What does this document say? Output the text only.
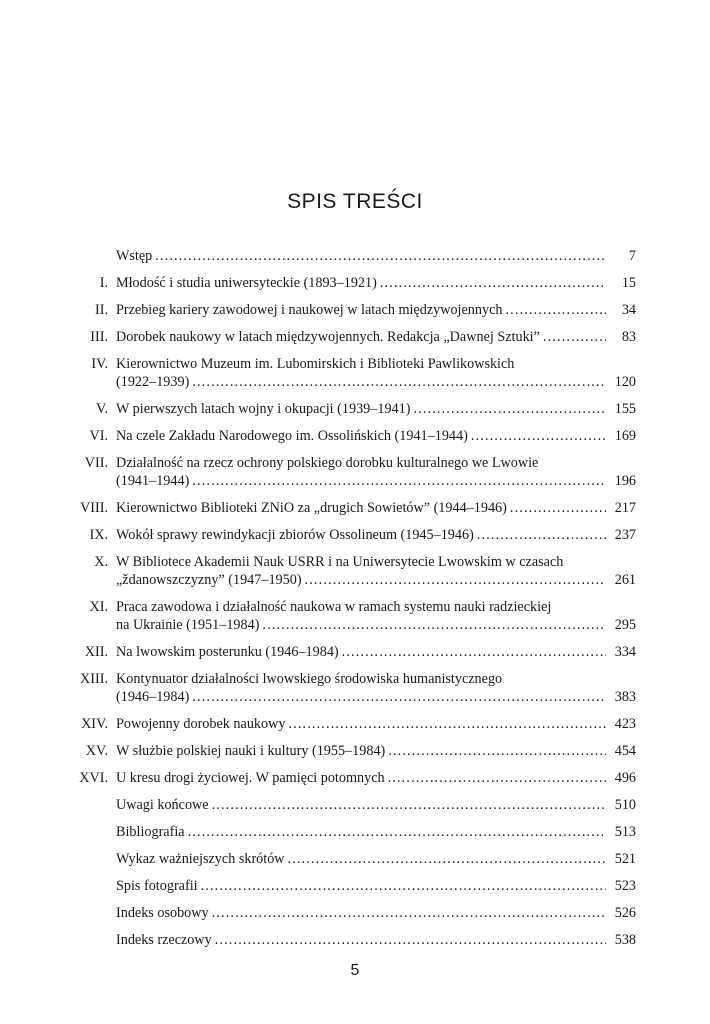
SPIS TREŚCI
Wstęp . . .	7
I. Młodość i studia uniwersyteckie (1893–1921) . . .	15
II. Przebieg kariery zawodowej i naukowej w latach międzywojennych . . .	34
III. Dorobek naukowy w latach międzywojennych. Redakcja „Dawnej Sztuki” . . .	83
IV. Kierownictwo Muzeum im. Lubomirskich i Biblioteki Pawlikowskich
(1922–1939) . . .	120
V. W pierwszych latach wojny i okupacji (1939–1941) . . .	155
VI. Na czele Zakładu Narodowego im. Ossolińskich (1941–1944) . . .	169
VII. Działalność na rzecz ochrony polskiego dorobku kulturalnego we Lwowie
(1941–1944) . . .	196
VIII. Kierownictwo Biblioteki ZNiO za „drugich Sowietów” (1944–1946) . . .	217
IX. Wokół sprawy rewindykacji zbiorów Ossolineum (1945–1946) . . .	237
X. W Bibliotece Akademii Nauk USRR i na Uniwersytecie Lwowskim w czasach
„ždanowszczyzny” (1947–1950) . . .	261
XI. Praca zawodowa i działalność naukowa w ramach systemu nauki radzieckiej
na Ukrainie (1951–1984) . . .	295
XII. Na lwowskim posterunku (1946–1984) . . .	334
XIII. Kontynuator działalności lwowskiego środowiska humanistycznego
(1946–1984) . . .	383
XIV. Powojenny dorobek naukowy . . .	423
XV. W służbie polskiej nauki i kultury (1955–1984) . . .	454
XVI. U kresu drogi życiowej. W pamięci potomnych . . .	496
Uwagi końcowe . . .	510
Bibliografia . . .	513
Wykaz ważniejszych skrótów . . .	521
Spis fotografii . . .	523
Indeks osobowy . . .	526
Indeks rzeczowy . . .	538
5
